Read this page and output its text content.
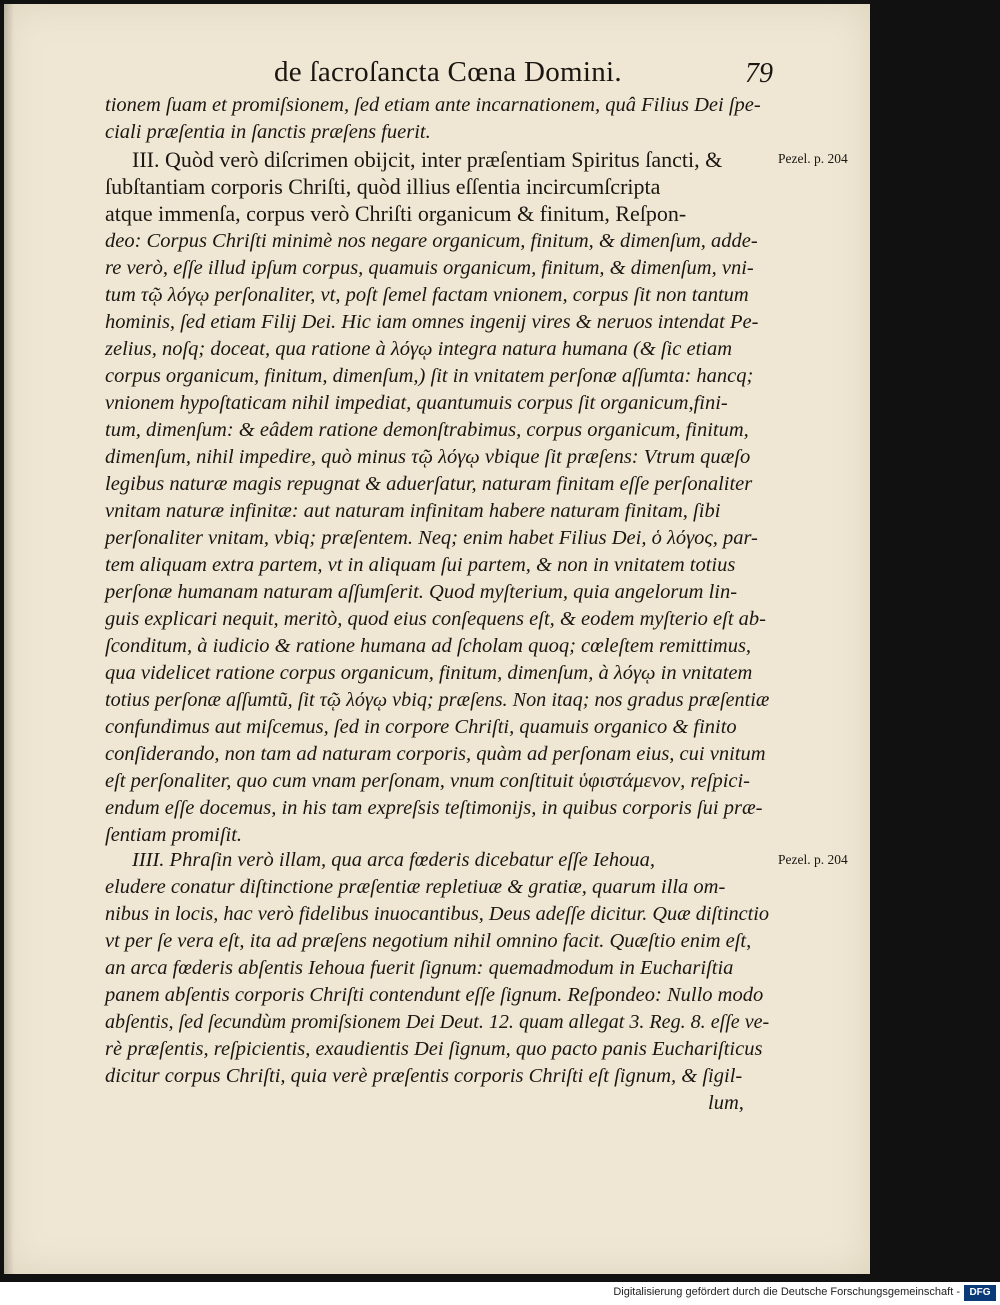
de ſacroſancta Cœna Domini.	79
tionem ſuam et promiſsionem, ſed etiam ante incarnationem, quâ Filius Dei ſpe-
ciali præſentia in ſanctis præſens fuerit.
III. Quòd verò diſcrimen obijcit, inter præſentiam Spiritus ſancti, &
ſubſtantiam corporis Chriſti, quòd illius eſſentia incircumſcripta
atque immenſa, corpus verò Chriſti organicum & finitum, Reſpon-
deo: Corpus Chriſti minimè nos negare organicum, finitum, & dimenſum, adde-
re verò, eſſe illud ipſum corpus, quamuis organicum, finitum, & dimenſum, vni-
tum τῷ λόγῳ perſonaliter, vt, poſt ſemel factam vnionem, corpus ſit non tantum
hominis, ſed etiam Filij Dei. Hic iam omnes ingenij vires & neruos intendat Pe-
zelius, noſq; doceat, qua ratione à λόγῳ integra natura humana (& ſic etiam
corpus organicum, finitum, dimenſum,) ſit in vnitatem perſonæ aſſumta: hancq;
vnionem hypoſtaticam nihil impediat, quantumuis corpus ſit organicum,fini-
tum, dimenſum: & eâdem ratione demonſtrabimus, corpus organicum, finitum,
dimenſum, nihil impedire, quò minus τῷ λόγῳ vbique ſit præſens: Vtrum quæſo
legibus naturæ magis repugnat & aduerſatur, naturam finitam eſſe perſonaliter
vnitam naturæ infinitæ: aut naturam infinitam habere naturam finitam, ſibi
perſonaliter vnitam, vbiq; præſentem. Neq; enim habet Filius Dei, ὁ λόγος, par-
tem aliquam extra partem, vt in aliquam ſui partem, & non in vnitatem totius
perſonæ humanam naturam aſſumſerit. Quod myſterium, quia angelorum lin-
guis explicari nequit, meritò, quod eius conſequens eſt, & eodem myſterio eſt ab-
ſconditum, à iudicio & ratione humana ad ſcholam quoq; cœleſtem remittimus,
qua videlicet ratione corpus organicum, finitum, dimenſum, à λόγῳ in vnitatem
totius perſonæ aſſumtũ, ſit τῷ λόγῳ vbiq; præſens. Non itaq; nos gradus præſentiæ
confundimus aut miſcemus, ſed in corpore Chriſti, quamuis organico & finito
conſiderando, non tam ad naturam corporis, quàm ad perſonam eius, cui vnitum
eſt perſonaliter, quo cum vnam perſonam, vnum conſtituit ὑφιστάμενον, reſpici-
endum eſſe docemus, in his tam expreſsis teſtimonijs, in quibus corporis ſui præ-
ſentiam promiſit.
IIII. Phraſin verò illam, qua arca fœderis dicebatur eſſe Iehoua,
eludere conatur diſtinctione præſentiæ repletiuæ & gratiæ, quarum illa om-
nibus in locis, hac verò fidelibus inuocantibus, Deus adeſſe dicitur. Quæ diſtinctio
vt per ſe vera eſt, ita ad præſens negotium nihil omnino facit. Quæſtio enim eſt,
an arca fœderis abſentis Iehoua fuerit ſignum: quemadmodum in Euchariſtia
panem abſentis corporis Chriſti contendunt eſſe ſignum. Reſpondeo: Nullo modo
abſentis, ſed ſecundùm promiſsionem Dei Deut. 12. quam allegat 3. Reg. 8. eſſe ve-
rè præſentis, reſpicientis, exaudientis Dei ſignum, quo pacto panis Euchariſticus
dicitur corpus Chriſti, quia verè præſentis corporis Chriſti eſt ſignum, & ſigil-
lum,
Pezel. p. 204
Pezel. p. 204
Digitalisierung gefördert durch die Deutsche Forschungsgemeinschaft - DFG
